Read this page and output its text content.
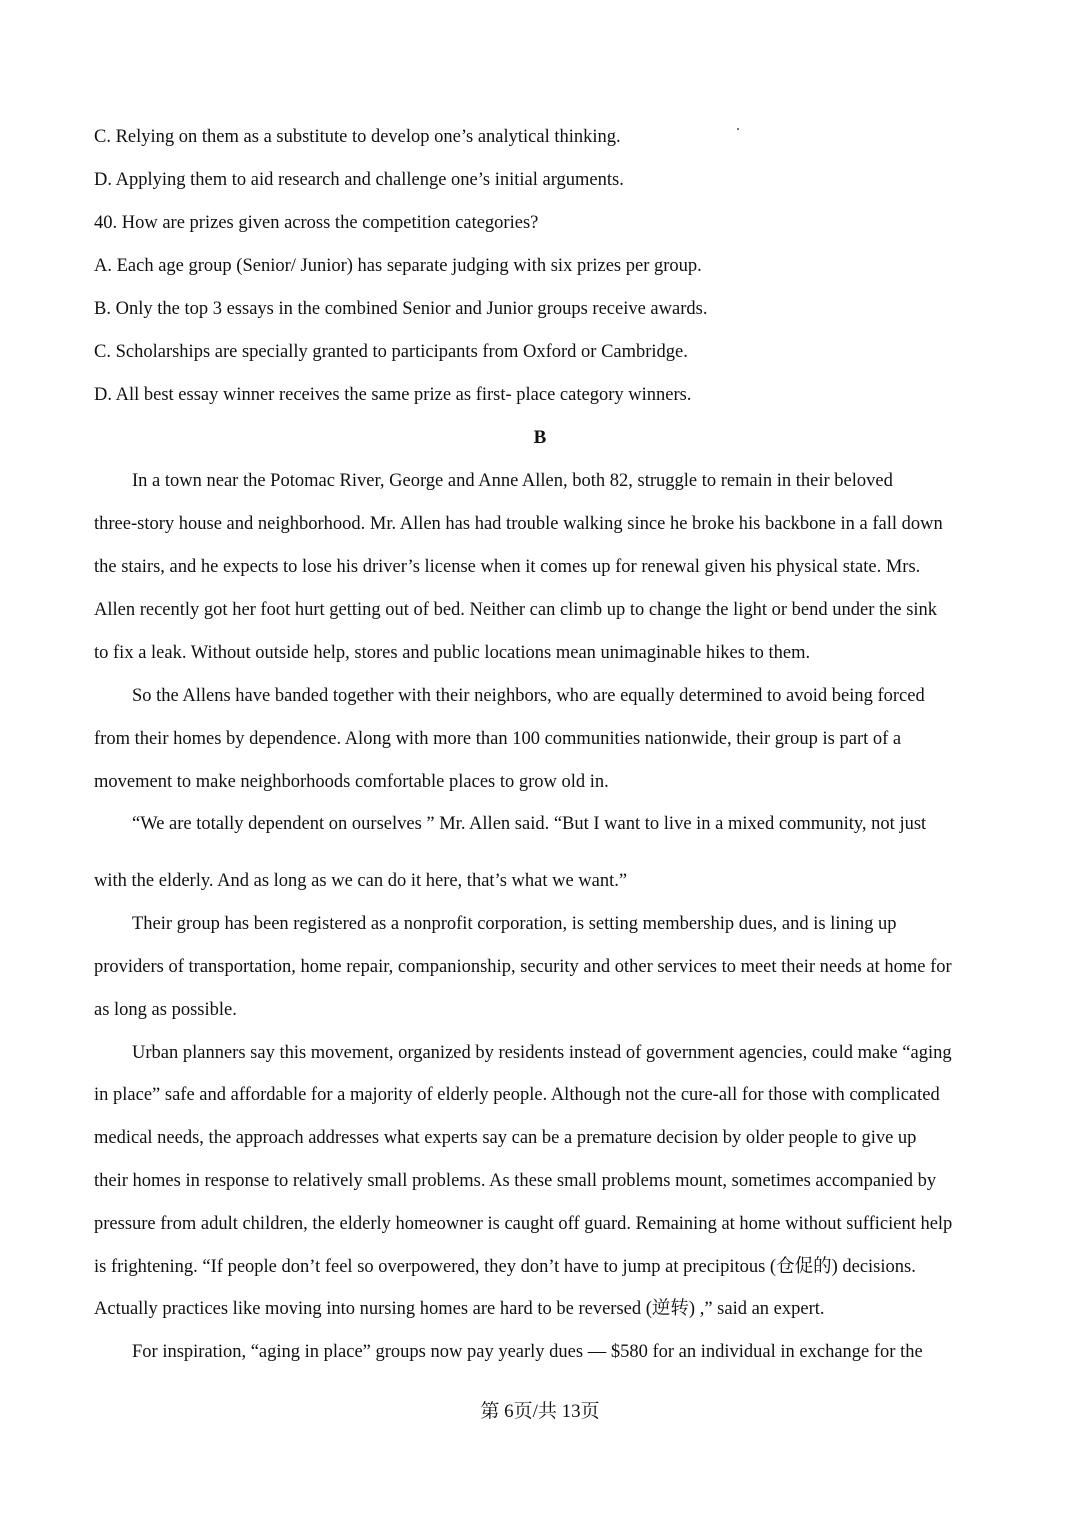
C. Relying on them as a substitute to develop one’s analytical thinking.
D. Applying them to aid research and challenge one’s initial arguments.
40. How are prizes given across the competition categories?
A. Each age group (Senior/ Junior) has separate judging with six prizes per group.
B. Only the top 3 essays in the combined Senior and Junior groups receive awards.
C. Scholarships are specially granted to participants from Oxford or Cambridge.
D. All best essay winner receives the same prize as first- place category winners.
B
In a town near the Potomac River, George and Anne Allen, both 82, struggle to remain in their beloved
three-story house and neighborhood. Mr. Allen has had trouble walking since he broke his backbone in a fall down
the stairs, and he expects to lose his driver’s license when it comes up for renewal given his physical state. Mrs.
Allen recently got her foot hurt getting out of bed. Neither can climb up to change the light or bend under the sink
to fix a leak. Without outside help, stores and public locations mean unimaginable hikes to them.
So the Allens have banded together with their neighbors, who are equally determined to avoid being forced
from their homes by dependence. Along with more than 100 communities nationwide, their group is part of a
movement to make neighborhoods comfortable places to grow old in.
“We are totally dependent on ourselves ” Mr. Allen said. “But I want to live in a mixed community, not just
with the elderly. And as long as we can do it here, that’s what we want.”
Their group has been registered as a nonprofit corporation, is setting membership dues, and is lining up
providers of transportation, home repair, companionship, security and other services to meet their needs at home for
as long as possible.
Urban planners say this movement, organized by residents instead of government agencies, could make “aging
in place” safe and affordable for a majority of elderly people. Although not the cure-all for those with complicated
medical needs, the approach addresses what experts say can be a premature decision by older people to give up
their homes in response to relatively small problems. As these small problems mount, sometimes accompanied by
pressure from adult children, the elderly homeowner is caught off guard. Remaining at home without sufficient help
is frightening. “If people don’t feel so overpowered, they don’t have to jump at precipitous (仓促的) decisions.
Actually practices like moving into nursing homes are hard to be reversed (逆转) ,” said an expert.
For inspiration, “aging in place” groups now pay yearly dues — $580 for an individual in exchange for the
第 6页/共 13页
